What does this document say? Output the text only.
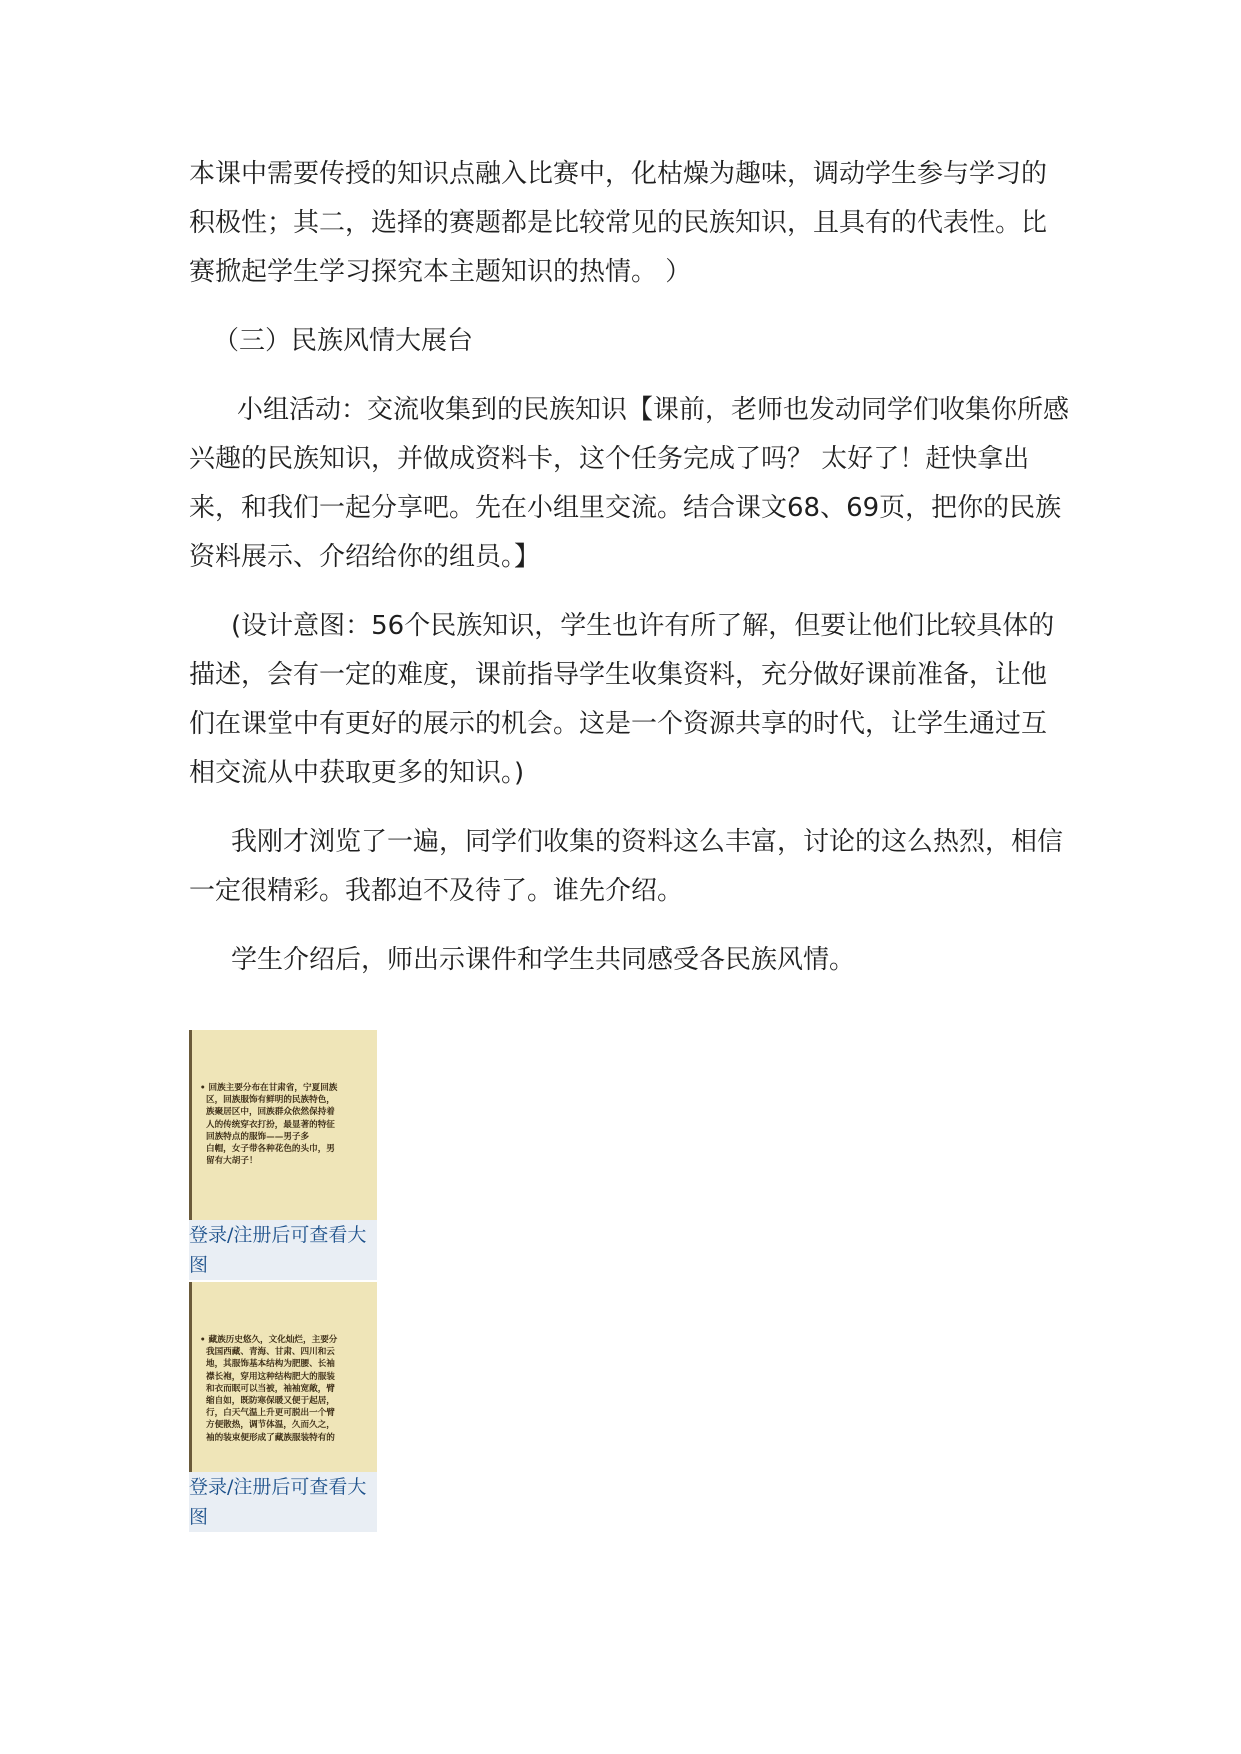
本课中需要传授的知识点融入比赛中，化枯燥为趣味，调动学生参与学习的积极性；其二，选择的赛题都是比较常见的民族知识，且具有的代表性。比赛掀起学生学习探究本主题知识的热情。 ）

（三）民族风情大展台

小组活动：交流收集到的民族知识【课前，老师也发动同学们收集你所感兴趣的民族知识，并做成资料卡，这个任务完成了吗？ 太好了！赶快拿出来，和我们一起分享吧。先在小组里交流。结合课文68、69页，把你的民族资料展示、介绍给你的组员。】

(设计意图：56个民族知识，学生也许有所了解，但要让他们比较具体的描述，会有一定的难度，课前指导学生收集资料，充分做好课前准备，让他们在课堂中有更好的展示的机会。这是一个资源共享的时代，让学生通过互相交流从中获取更多的知识。)

我刚才浏览了一遍，同学们收集的资料这么丰富，讨论的这么热烈，相信一定很精彩。我都迫不及待了。谁先介绍。

学生介绍后，师出示课件和学生共同感受各民族风情。

• 回族主要分布在甘肃省，宁夏回族
区，回族服饰有鲜明的民族特色，
族聚居区中，回族群众依然保持着
人的传统穿衣打扮，最显著的特征
回族特点的服饰——男子多
白帽，女子带各种花色的头巾，男
留有大胡子！
登录/注册后可查看大图
• 藏族历史悠久，文化灿烂，主要分
我国西藏、青海、甘肃、四川和云
地，其服饰基本结构为肥腰、长袖
襟长袍，穿用这种结构肥大的服装
和衣而眠可以当被，袖袖宽敞，臂
缩自如，既防寒保暖又便于起居，
行，白天气温上升更可脱出一个臂
方便散热，调节体温，久而久之，
袖的装束便形成了藏族服装特有的
登录/注册后可查看大图
